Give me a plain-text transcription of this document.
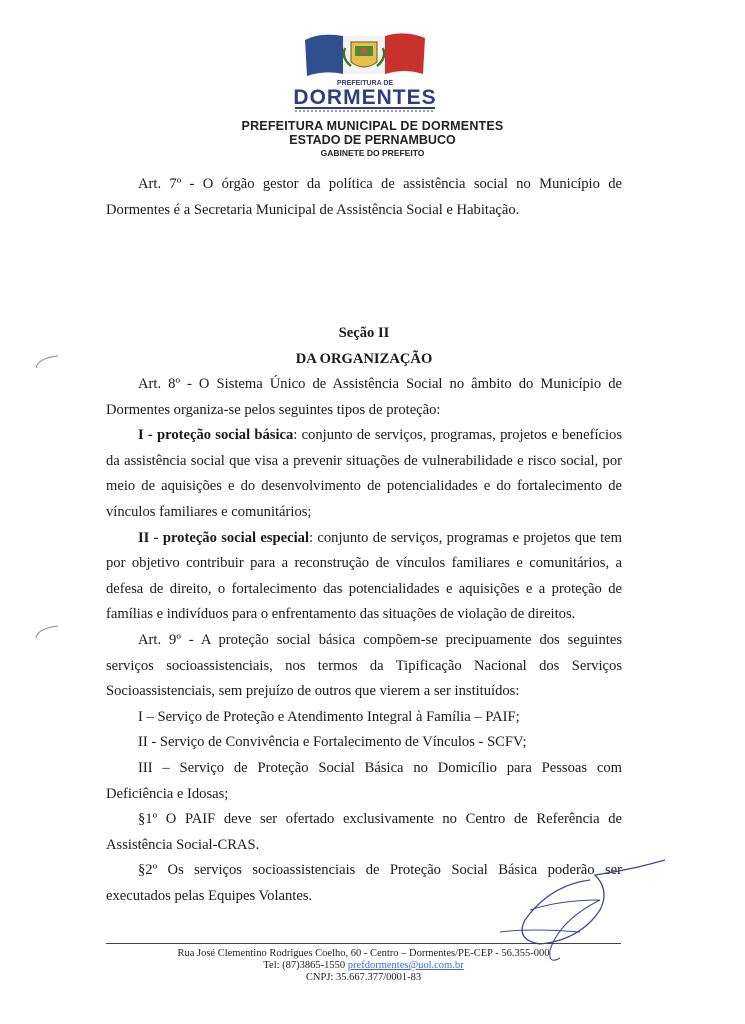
PREFEITURA DE
DORMENTES
PREFEITURA MUNICIPAL DE DORMENTES
ESTADO DE PERNAMBUCO
GABINETE DO PREFEITO

Art. 7º - O órgão gestor da política de assistência social no Município de Dormentes é a Secretaria Municipal de Assistência Social e Habitação.

Seção II

DA ORGANIZAÇÃO

Art. 8º - O Sistema Único de Assistência Social no âmbito do Município de Dormentes organiza-se pelos seguintes tipos de proteção:

I - proteção social básica: conjunto de serviços, programas, projetos e benefícios da assistência social que visa a prevenir situações de vulnerabilidade e risco social, por meio de aquisições e do desenvolvimento de potencialidades e do fortalecimento de vínculos familiares e comunitários;

II - proteção social especial: conjunto de serviços, programas e projetos que tem por objetivo contribuir para a reconstrução de vínculos familiares e comunitários, a defesa de direito, o fortalecimento das potencialidades e aquisições e a proteção de famílias e indivíduos para o enfrentamento das situações de violação de direitos.

Art. 9º - A proteção social básica compõem-se precipuamente dos seguintes serviços socioassistenciais, nos termos da Tipificação Nacional dos Serviços Socioassistenciais, sem prejuízo de outros que vierem a ser instituídos:

I – Serviço de Proteção e Atendimento Integral à Família – PAIF;

II - Serviço de Convivência e Fortalecimento de Vínculos - SCFV;

III – Serviço de Proteção Social Básica no Domicílio para Pessoas com Deficiência e Idosas;

§1º O PAIF deve ser ofertado exclusivamente no Centro de Referência de Assistência Social-CRAS.

§2º Os serviços socioassistenciais de Proteção Social Básica poderão ser executados pelas Equipes Volantes.

Rua José Clementino Rodrigues Coelho, 60 - Centro – Dormentes/PE-CEP - 56.355-000
Tel: (87)3865-1550 prefdormentes@uol.com.br
CNPJ: 35.667.377/0001-83
